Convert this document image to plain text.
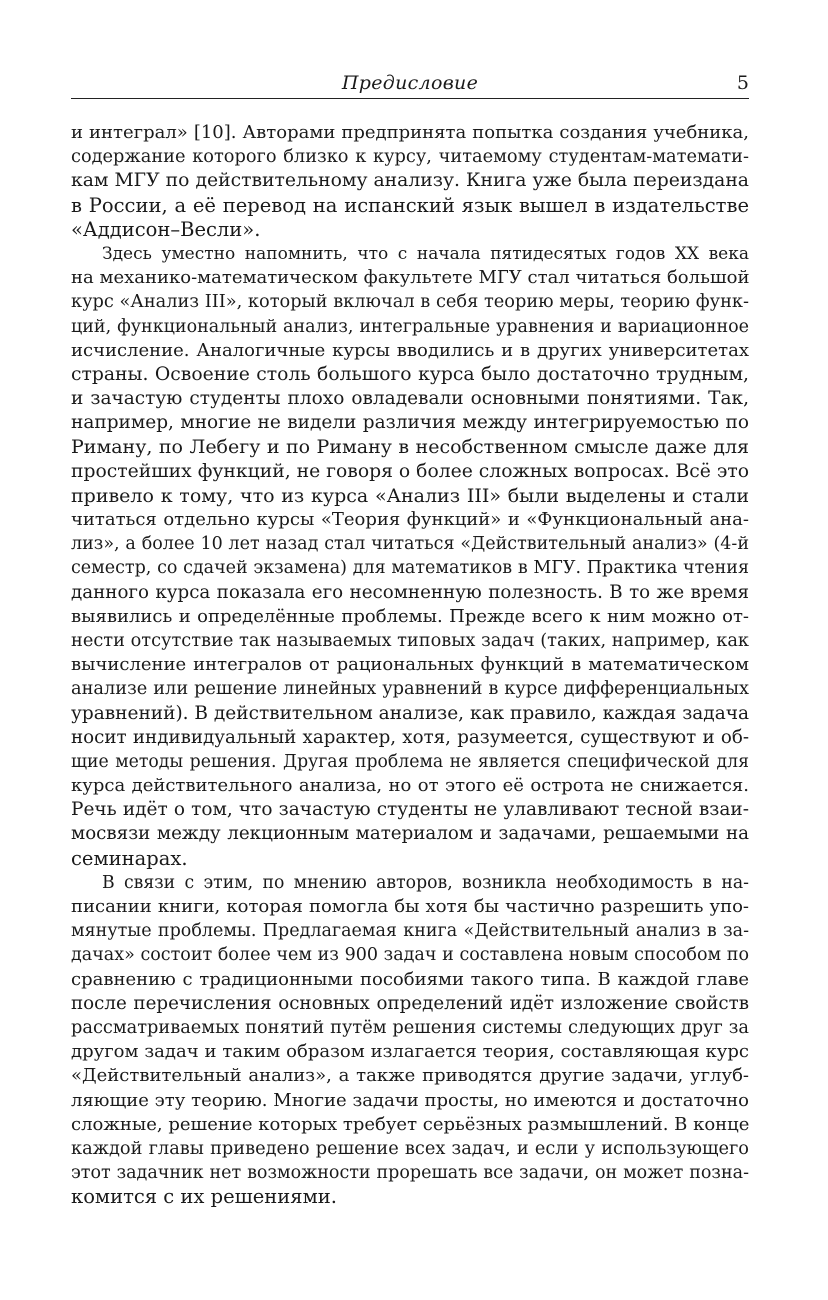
Предисловие	5
и интеграл» [10]. Авторами предпринята попытка создания учебника,
содержание которого близко к курсу, читаемому студентам-математи-
кам МГУ по действительному анализу. Книга уже была переиздана
в России, а её перевод на испанский язык вышел в издательстве
«Аддисон–Весли».
Здесь уместно напомнить, что с начала пятидесятых годов XX века
на механико-математическом факультете МГУ стал читаться большой
курс «Анализ III», который включал в себя теорию меры, теорию функ-
ций, функциональный анализ, интегральные уравнения и вариационное
исчисление. Аналогичные курсы вводились и в других университетах
страны. Освоение столь большого курса было достаточно трудным,
и зачастую студенты плохо овладевали основными понятиями. Так,
например, многие не видели различия между интегрируемостью по
Риману, по Лебегу и по Риману в несобственном смысле даже для
простейших функций, не говоря о более сложных вопросах. Всё это
привело к тому, что из курса «Анализ III» были выделены и стали
читаться отдельно курсы «Теория функций» и «Функциональный ана-
лиз», а более 10 лет назад стал читаться «Действительный анализ» (4-й
семестр, со сдачей экзамена) для математиков в МГУ. Практика чтения
данного курса показала его несомненную полезность. В то же время
выявились и определённые проблемы. Прежде всего к ним можно от-
нести отсутствие так называемых типовых задач (таких, например, как
вычисление интегралов от рациональных функций в математическом
анализе или решение линейных уравнений в курсе дифференциальных
уравнений). В действительном анализе, как правило, каждая задача
носит индивидуальный характер, хотя, разумеется, существуют и об-
щие методы решения. Другая проблема не является специфической для
курса действительного анализа, но от этого её острота не снижается.
Речь идёт о том, что зачастую студенты не улавливают тесной взаи-
мосвязи между лекционным материалом и задачами, решаемыми на
семинарах.
В связи с этим, по мнению авторов, возникла необходимость в на-
писании книги, которая помогла бы хотя бы частично разрешить упо-
мянутые проблемы. Предлагаемая книга «Действительный анализ в за-
дачах» состоит более чем из 900 задач и составлена новым способом по
сравнению с традиционными пособиями такого типа. В каждой главе
после перечисления основных определений идёт изложение свойств
рассматриваемых понятий путём решения системы следующих друг за
другом задач и таким образом излагается теория, составляющая курс
«Действительный анализ», а также приводятся другие задачи, углуб-
ляющие эту теорию. Многие задачи просты, но имеются и достаточно
сложные, решение которых требует серьёзных размышлений. В конце
каждой главы приведено решение всех задач, и если у использующего
этот задачник нет возможности прорешать все задачи, он может позна-
комится с их решениями.
